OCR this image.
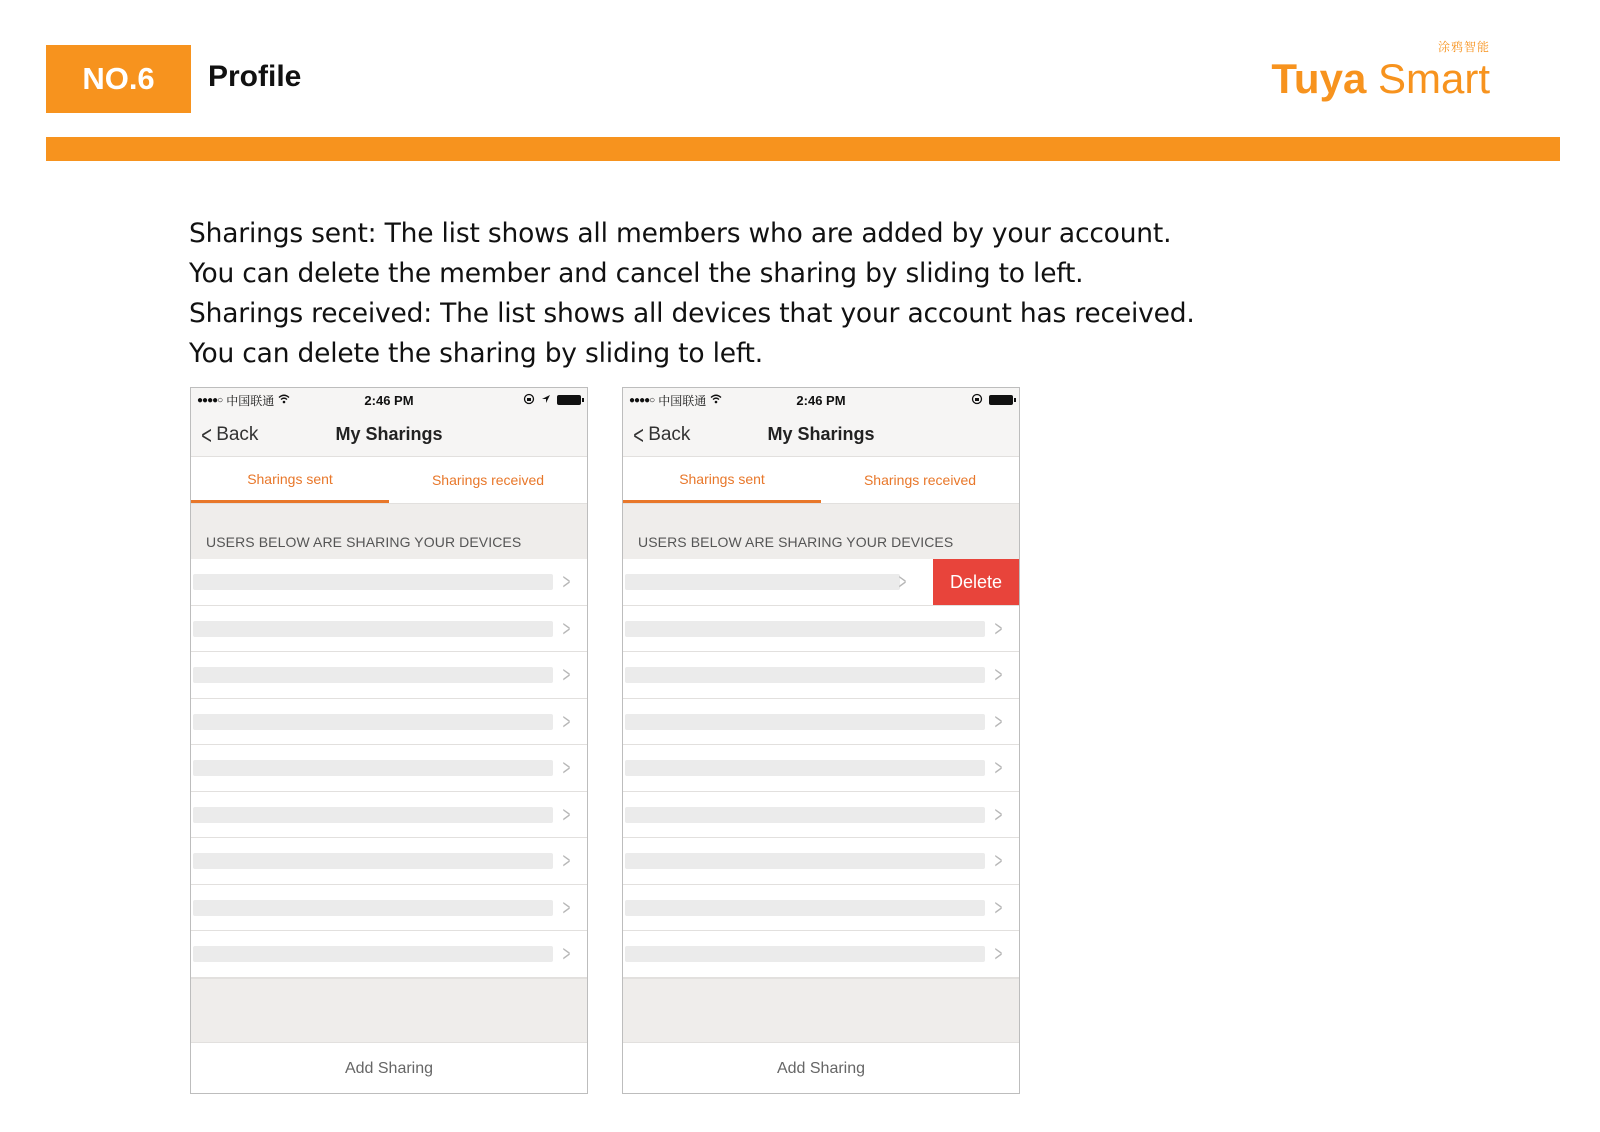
NO.6	Profile
涂鸦智能
Tuya Smart

Sharings sent: The list shows all members who are added by your account.

You can delete the member and cancel the sharing by sliding to left.

Sharings received: The list shows all devices that your account has received.

You can delete the sharing by sliding to left.

●●●●○ 中国联通	2:46 PM
< Back	My Sharings
Sharings sent	Sharings received
USERS BELOW ARE SHARING YOUR DEVICES
>
>
>
>
>
>
>
>
>
Add Sharing
●●●●○ 中国联通	2:46 PM
< Back	My Sharings
Sharings sent	Sharings received
USERS BELOW ARE SHARING YOUR DEVICES
>	Delete
>
>
>
>
>
>
>
>
Add Sharing
